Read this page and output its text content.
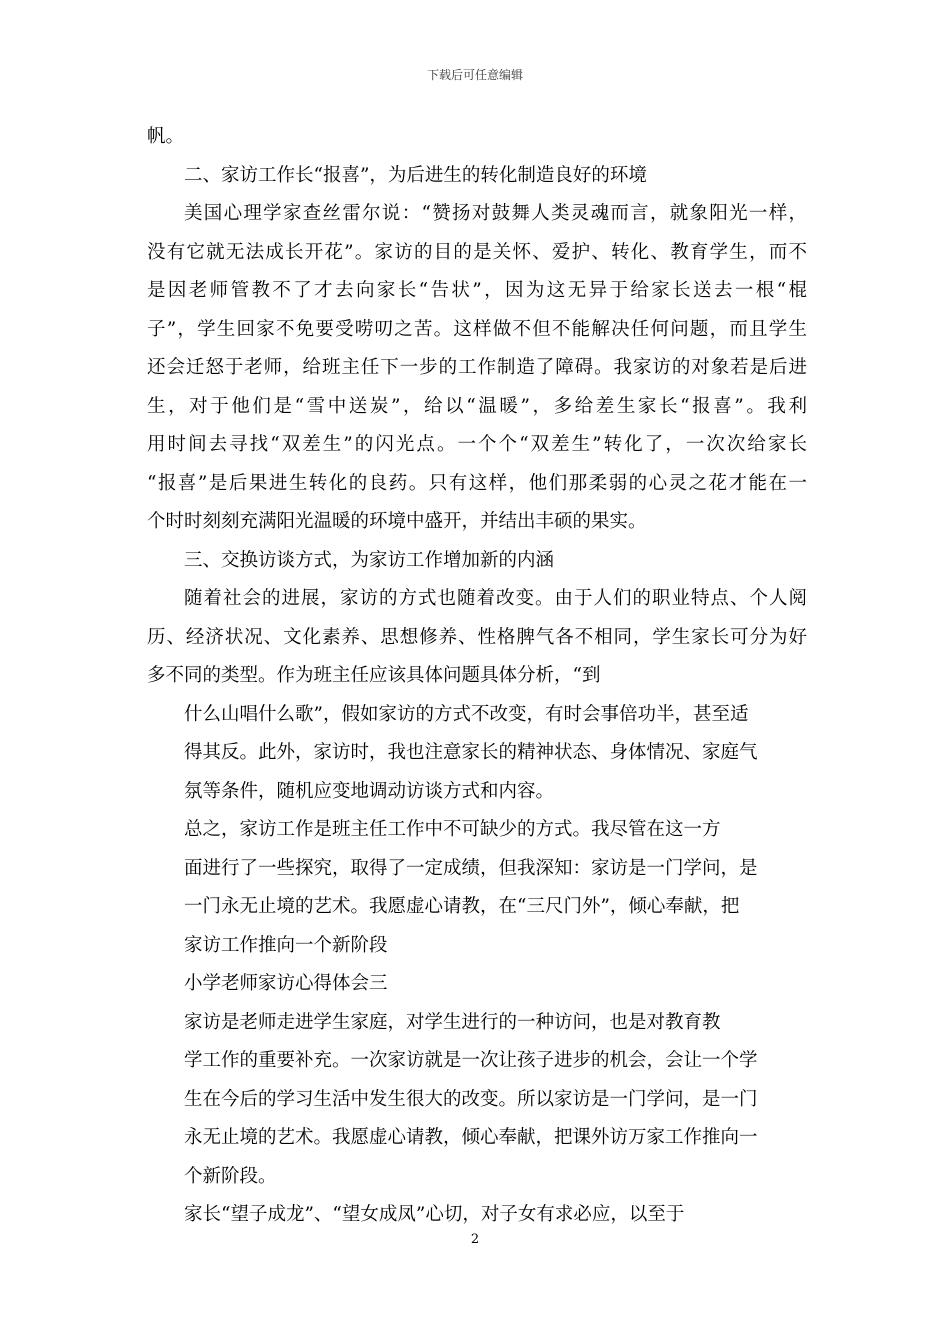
下载后可任意编辑
帆。
二、家访工作长“报喜”，为后进生的转化制造良好的环境
美国心理学家查丝雷尔说：“赞扬对鼓舞人类灵魂而言，就象阳光一样，
没有它就无法成长开花”。家访的目的是关怀、爱护、转化、教育学生，而不
是因老师管教不了才去向家长“告状”，因为这无异于给家长送去一根“棍
子”，学生回家不免要受唠叨之苦。这样做不但不能解决任何问题，而且学生
还会迁怒于老师，给班主任下一步的工作制造了障碍。我家访的对象若是后进
生，对于他们是“雪中送炭”，给以“温暖”，多给差生家长“报喜”。我利
用时间去寻找“双差生”的闪光点。一个个“双差生”转化了，一次次给家长
“报喜”是后果进生转化的良药。只有这样，他们那柔弱的心灵之花才能在一
个时时刻刻充满阳光温暖的环境中盛开，并结出丰硕的果实。
三、交换访谈方式，为家访工作增加新的内涵
随着社会的进展，家访的方式也随着改变。由于人们的职业特点、个人阅
历、经济状况、文化素养、思想修养、性格脾气各不相同，学生家长可分为好
多不同的类型。作为班主任应该具体问题具体分析，“到
什么山唱什么歌”，假如家访的方式不改变，有时会事倍功半，甚至适
得其反。此外，家访时，我也注意家长的精神状态、身体情况、家庭气
氛等条件，随机应变地调动访谈方式和内容。
总之，家访工作是班主任工作中不可缺少的方式。我尽管在这一方
面进行了一些探究，取得了一定成绩，但我深知：家访是一门学问，是
一门永无止境的艺术。我愿虚心请教，在“三尺门外”，倾心奉献，把
家访工作推向一个新阶段
小学老师家访心得体会三
家访是老师走进学生家庭，对学生进行的一种访问，也是对教育教
学工作的重要补充。一次家访就是一次让孩子进步的机会，会让一个学
生在今后的学习生活中发生很大的改变。所以家访是一门学问，是一门
永无止境的艺术。我愿虚心请教，倾心奉献，把课外访万家工作推向一
个新阶段。
家长“望子成龙”、“望女成凤”心切，对子女有求必应，以至于
2
